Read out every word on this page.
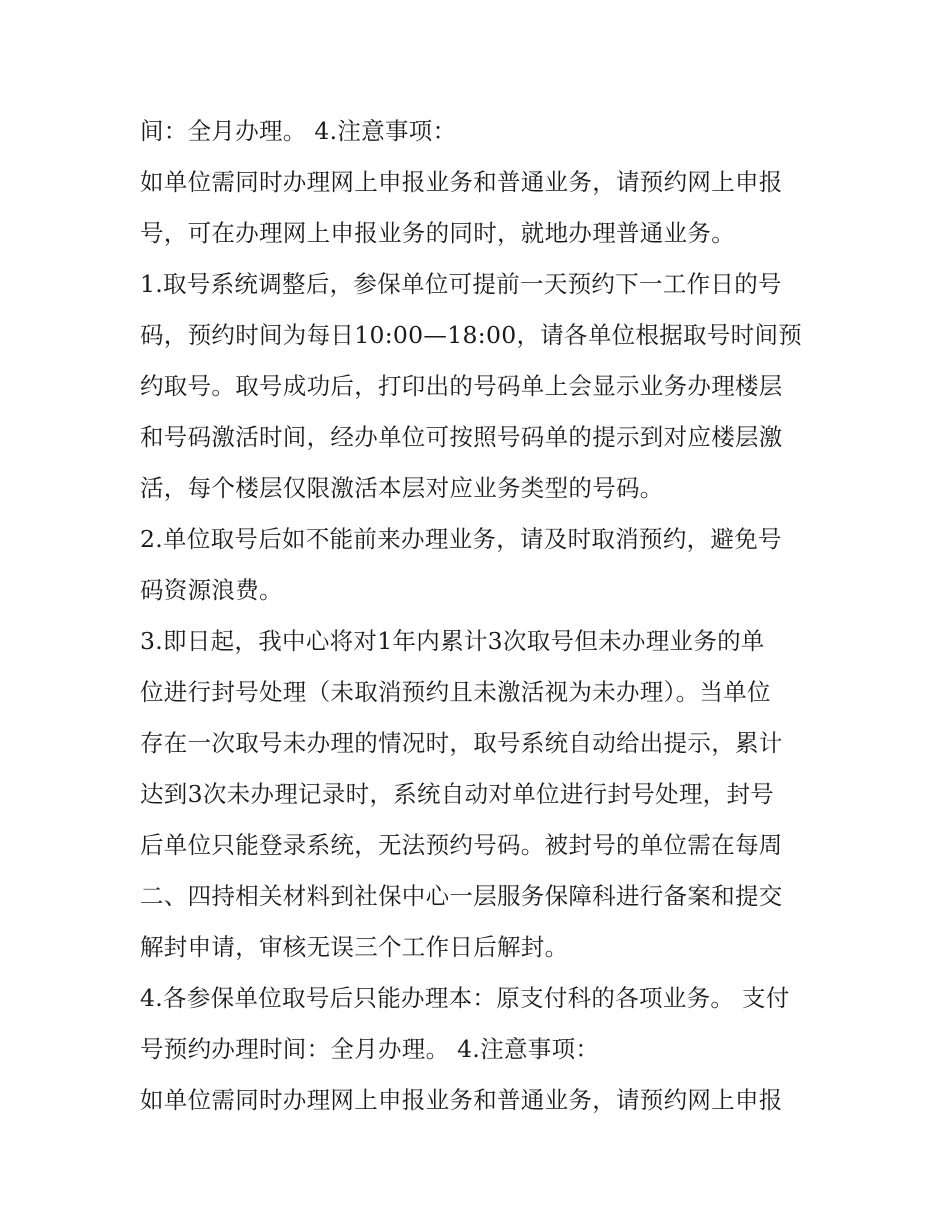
间：全月办理。 4.注意事项：
如单位需同时办理网上申报业务和普通业务，请预约网上申报
号，可在办理网上申报业务的同时，就地办理普通业务。
1.取号系统调整后，参保单位可提前一天预约下一工作日的号
码，预约时间为每日10:00—18:00，请各单位根据取号时间预
约取号。取号成功后，打印出的号码单上会显示业务办理楼层
和号码激活时间，经办单位可按照号码单的提示到对应楼层激
活，每个楼层仅限激活本层对应业务类型的号码。
2.单位取号后如不能前来办理业务，请及时取消预约，避免号
码资源浪费。
3.即日起，我中心将对1年内累计3次取号但未办理业务的单
位进行封号处理（未取消预约且未激活视为未办理）。当单位
存在一次取号未办理的情况时，取号系统自动给出提示，累计
达到3次未办理记录时，系统自动对单位进行封号处理，封号
后单位只能登录系统，无法预约号码。被封号的单位需在每周
二、四持相关材料到社保中心一层服务保障科进行备案和提交
解封申请，审核无误三个工作日后解封。
4.各参保单位取号后只能办理本：原支付科的各项业务。 支付
号预约办理时间：全月办理。 4.注意事项：
如单位需同时办理网上申报业务和普通业务，请预约网上申报
